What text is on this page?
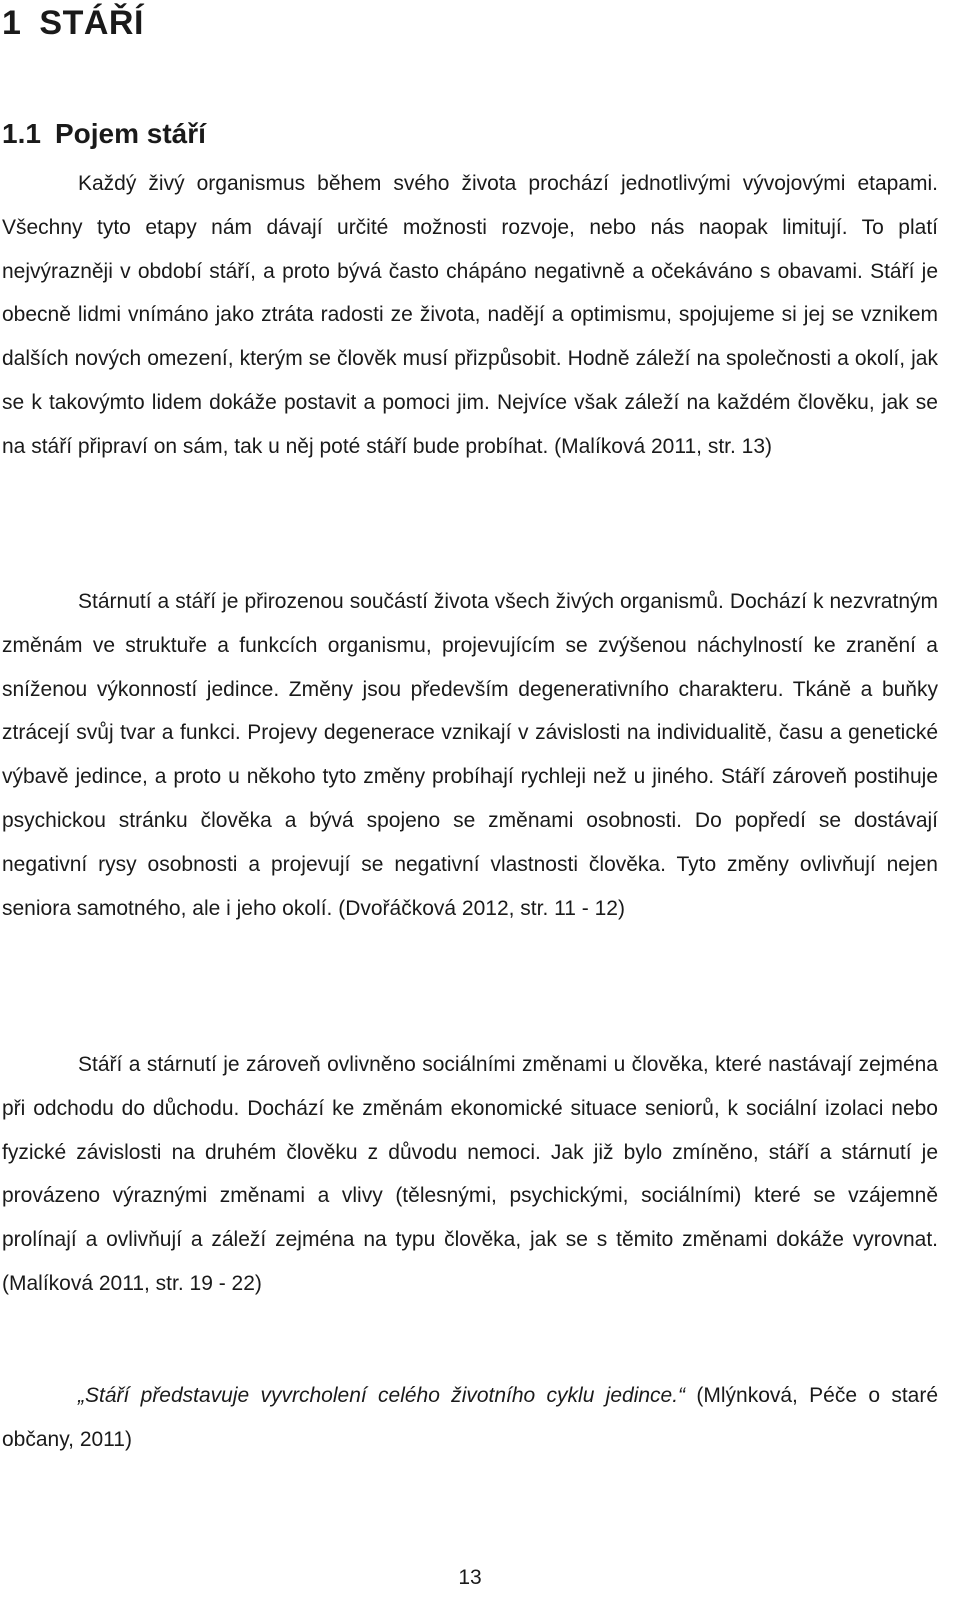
1 STÁŘÍ
1.1 Pojem stáří

Každý živý organismus během svého života prochází jednotlivými vývojovými etapami. Všechny tyto etapy nám dávají určité možnosti rozvoje, nebo nás naopak limitují. To platí nejvýrazněji v období stáří, a proto bývá často chápáno negativně a očekáváno s obavami. Stáří je obecně lidmi vnímáno jako ztráta radosti ze života, nadějí a optimismu, spojujeme si jej se vznikem dalších nových omezení, kterým se člověk musí přizpůsobit. Hodně záleží na společnosti a okolí, jak se k takovýmto lidem dokáže postavit a pomoci jim. Nejvíce však záleží na každém člověku, jak se na stáří připraví on sám, tak u něj poté stáří bude probíhat. (Malíková 2011, str. 13)

Stárnutí a stáří je přirozenou součástí života všech živých organismů. Dochází k nezvratným změnám ve struktuře a funkcích organismu, projevujícím se zvýšenou náchylností ke zranění a sníženou výkonností jedince. Změny jsou především degenerativního charakteru. Tkáně a buňky ztrácejí svůj tvar a funkci. Projevy degenerace vznikají v závislosti na individualitě, času a genetické výbavě jedince, a proto u někoho tyto změny probíhají rychleji než u jiného. Stáří zároveň postihuje psychickou stránku člověka a bývá spojeno se změnami osobnosti. Do popředí se dostávají negativní rysy osobnosti a projevují se negativní vlastnosti člověka. Tyto změny ovlivňují nejen seniora samotného, ale i jeho okolí. (Dvořáčková 2012, str. 11 - 12)

Stáří a stárnutí je zároveň ovlivněno sociálními změnami u člověka, které nastávají zejména při odchodu do důchodu. Dochází ke změnám ekonomické situace seniorů, k sociální izolaci nebo fyzické závislosti na druhém člověku z důvodu nemoci. Jak již bylo zmíněno, stáří a stárnutí je provázeno výraznými změnami a vlivy (tělesnými, psychickými, sociálními) které se vzájemně prolínají a ovlivňují a záleží zejména na typu člověka, jak se s těmito změnami dokáže vyrovnat. (Malíková 2011, str. 19 - 22)

„Stáří představuje vyvrcholení celého životního cyklu jedince.“ (Mlýnková, Péče o staré občany, 2011)

13
